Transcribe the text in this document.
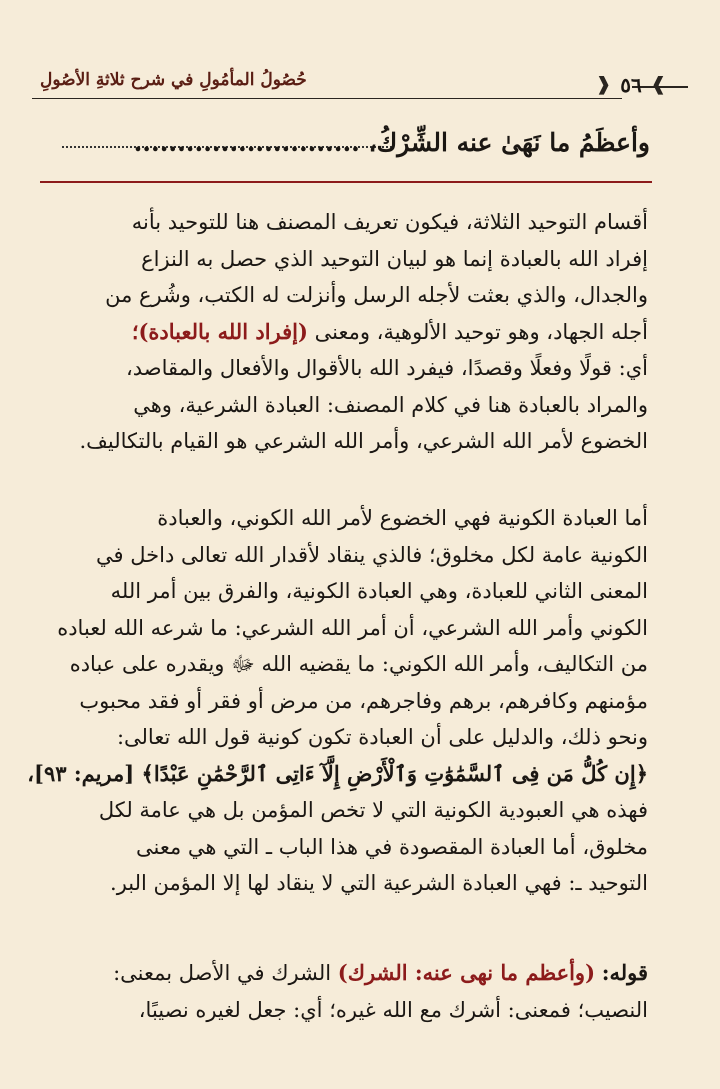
❱ ٥٦ ❰
حُصُولُ المأمُولِ في شرح ثلاثةِ الأصُولِ
وأعظَمُ ما نَهَىٰ عنه الشِّرْكُ، ..........................
أقسام التوحيد الثلاثة، فيكون تعريف المصنف هنا للتوحيد بأنه
إفراد الله بالعبادة إنما هو لبيان التوحيد الذي حصل به النزاع
والجدال، والذي بعثت لأجله الرسل وأنزلت له الكتب، وشُرع من
أجله الجهاد، وهو توحيد الألوهية، ومعنى (إفراد الله بالعبادة)؛
أي: قولًا وفعلًا وقصدًا، فيفرد الله بالأقوال والأفعال والمقاصد،
والمراد بالعبادة هنا في كلام المصنف: العبادة الشرعية، وهي
الخضوع لأمر الله الشرعي، وأمر الله الشرعي هو القيام بالتكاليف.
أما العبادة الكونية فهي الخضوع لأمر الله الكوني، والعبادة
الكونية عامة لكل مخلوق؛ فالذي ينقاد لأقدار الله تعالى داخل في
المعنى الثاني للعبادة، وهي العبادة الكونية، والفرق بين أمر الله
الكوني وأمر الله الشرعي، أن أمر الله الشرعي: ما شرعه الله لعباده
من التكاليف، وأمر الله الكوني: ما يقضيه الله ﷻ ويقدره على عباده
مؤمنهم وكافرهم، برهم وفاجرهم، من مرض أو فقر أو فقد محبوب
ونحو ذلك، والدليل على أن العبادة تكون كونية قول الله تعالى:
﴿إِن كُلُّ مَن فِى ٱلسَّمَٰوَٰتِ وَٱلْأَرْضِ إِلَّآ ءَاتِى ٱلرَّحْمَٰنِ عَبْدًا﴾ [مريم: ٩٣]،
فهذه هي العبودية الكونية التي لا تخص المؤمن بل هي عامة لكل
مخلوق، أما العبادة المقصودة في هذا الباب ـ التي هي معنى
التوحيد ـ: فهي العبادة الشرعية التي لا ينقاد لها إلا المؤمن البر.
قوله: (وأعظم ما نهى عنه: الشرك) الشرك في الأصل بمعنى:
النصيب؛ فمعنى: أشرك مع الله غيره؛ أي: جعل لغيره نصيبًا،
